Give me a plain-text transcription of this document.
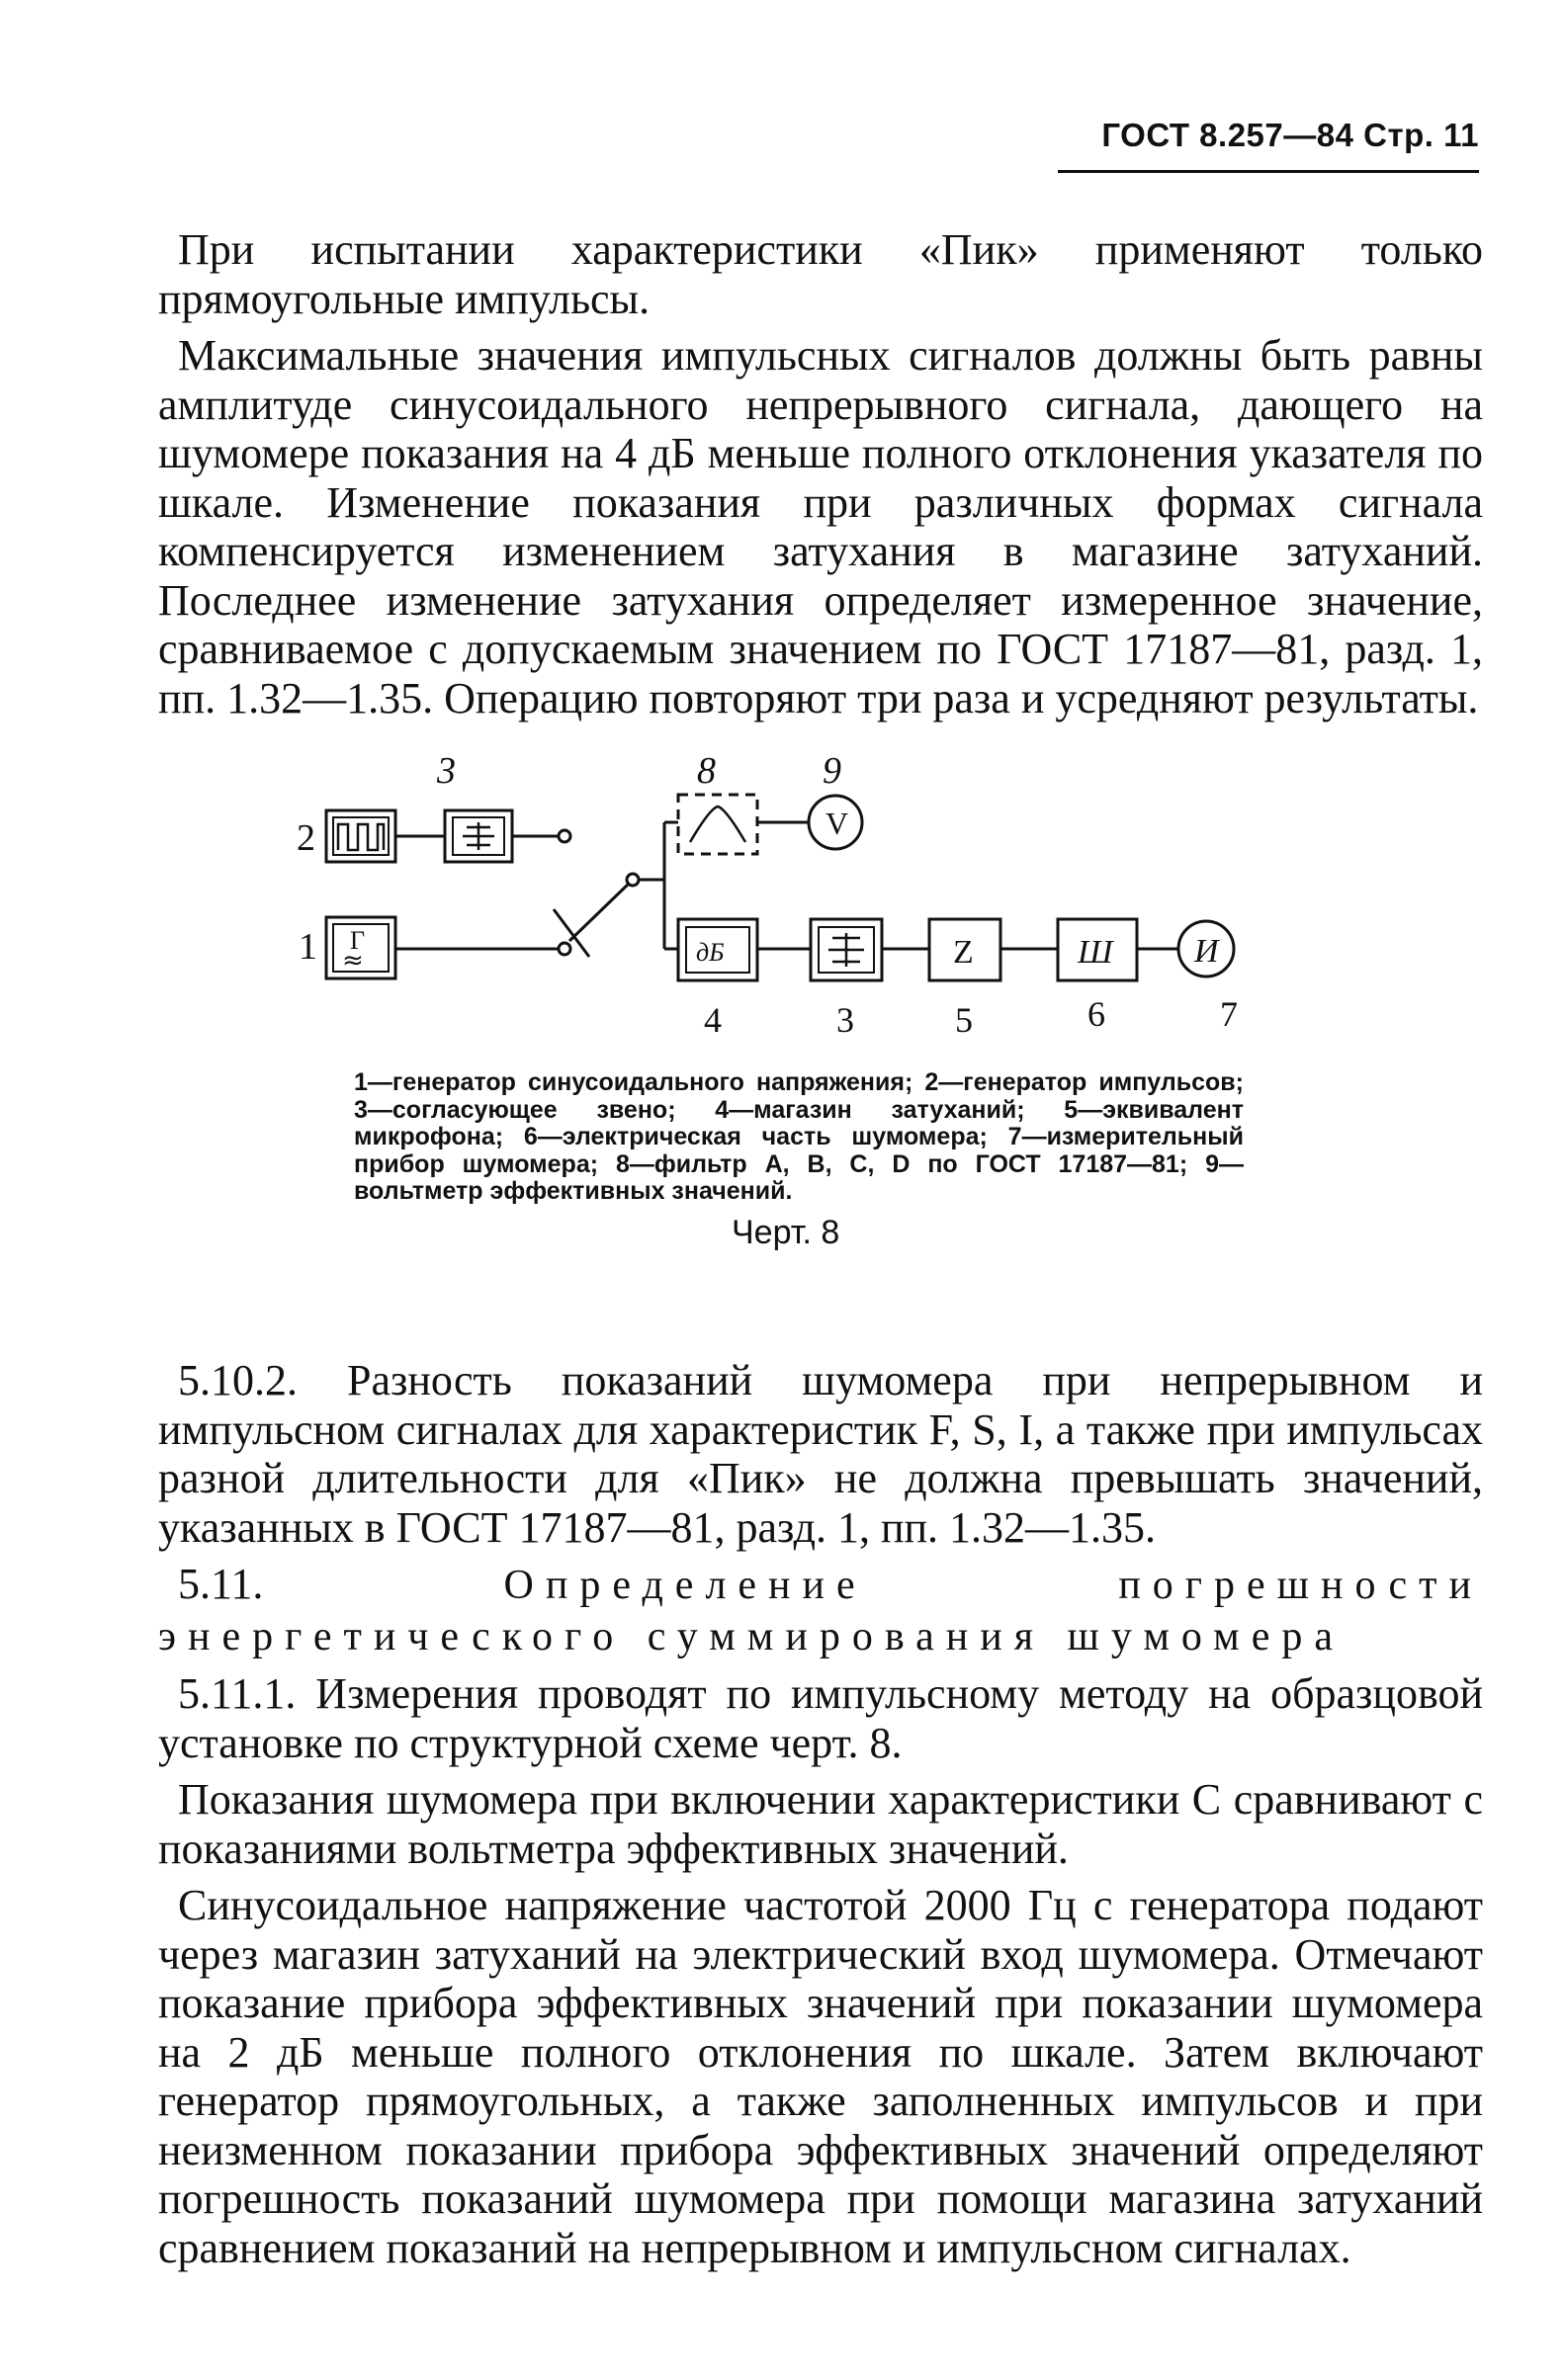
ГОСТ 8.257—84 Стр. 11

При испытании характеристики «Пик» применяют только прямоугольные импульсы.

Максимальные значения импульсных сигналов должны быть равны амплитуде синусоидального непрерывного сигнала, дающего на шумомере показания на 4 дБ меньше полного отклонения указателя по шкале. Изменение показания при различных формах сигнала компенсируется изменением затухания в магазине затуханий. Последнее изменение затухания определяет измеренное значение, сравниваемое с допускаемым значением по ГОСТ 17187—81, разд. 1, пп. 1.32—1.35. Операцию повторяют три раза и усредняют результаты.

3	8	9
2
1 Г
≈
V
дБ	Z	Ш И
4	3	5	6	7
1—генератор синусоидального напряжения; 2—генератор импульсов; 3—согласующее звено; 4—магазин затуханий; 5—эквивалент микрофона; 6—электрическая часть шумомера; 7—измерительный прибор шумомера; 8—фильтр А, В, С, D по ГОСТ 17187—81; 9—вольтметр эффективных значений.
Черт. 8

5.10.2. Разность показаний шумомера при непрерывном и импульсном сигналах для характеристик F, S, I, а также при импульсах разной длительности для «Пик» не должна превышать значений, указанных в ГОСТ 17187—81, разд. 1, пп. 1.32—1.35.

5.11.	Определение погрешности энергетического суммирования шумомера

5.11.1. Измерения проводят по импульсному методу на образцовой установке по структурной схеме черт. 8.

Показания шумомера при включении характеристики С сравнивают с показаниями вольтметра эффективных значений.

Синусоидальное напряжение частотой 2000 Гц с генератора подают через магазин затуханий на электрический вход шумомера. Отмечают показание прибора эффективных значений при показании шумомера на 2 дБ меньше полного отклонения по шкале. Затем включают генератор прямоугольных, а также заполненных импульсов и при неизменном показании прибора эффективных значений определяют погрешность показаний шумомера при помощи магазина затуханий сравнением показаний на непрерывном и импульсном сигналах.
